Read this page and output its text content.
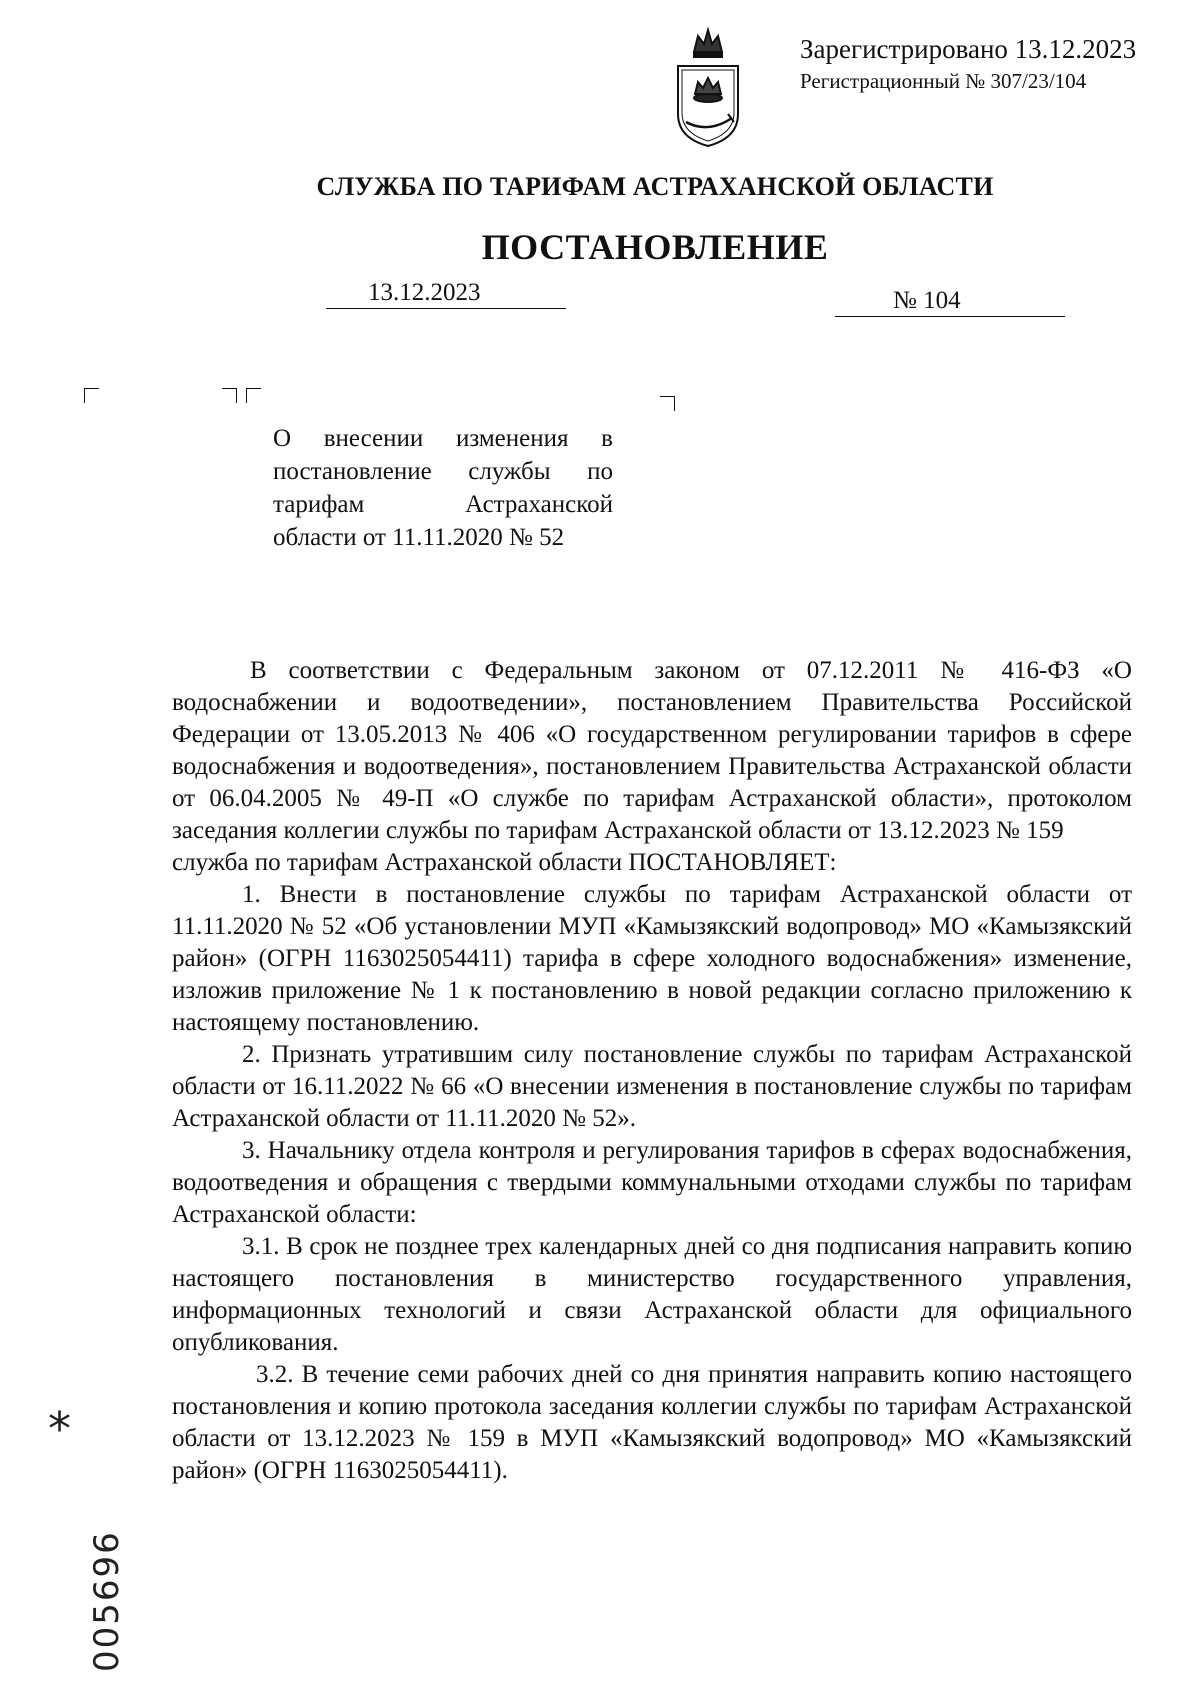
Зарегистрировано 13.12.2023
Регистрационный № 307/23/104
СЛУЖБА ПО ТАРИФАМ АСТРАХАНСКОЙ ОБЛАСТИ
ПОСТАНОВЛЕНИЕ
13.12.2023	№ 104
О внесении изменения в
постановление службы по
тарифам Астраханской
области от 11.11.2020 № 52

В соответствии с Федеральным законом от 07.12.2011 № 416-ФЗ «О водоснабжении и водоотведении», постановлением Правительства Российской Федерации от 13.05.2013 № 406 «О государственном регулировании тарифов в сфере водоснабжения и водоотведения», постановлением Правительства Астраханской области от 06.04.2005 № 49-П «О службе по тарифам Астраханской области», протоколом заседания коллегии службы по тарифам Астраханской области от 13.12.2023 № 159

служба по тарифам Астраханской области ПОСТАНОВЛЯЕТ:

1. Внести в постановление службы по тарифам Астраханской области от 11.11.2020 № 52 «Об установлении МУП «Камызякский водопровод» МО «Камызякский район» (ОГРН 1163025054411) тарифа в сфере холодного водоснабжения» изменение, изложив приложение № 1 к постановлению в новой редакции согласно приложению к настоящему постановлению.

2. Признать утратившим силу постановление службы по тарифам Астраханской области от 16.11.2022 № 66 «О внесении изменения в постановление службы по тарифам Астраханской области от 11.11.2020 № 52».

3. Начальнику отдела контроля и регулирования тарифов в сферах водоснабжения, водоотведения и обращения с твердыми коммунальными отходами службы по тарифам Астраханской области:

3.1. В срок не позднее трех календарных дней со дня подписания направить копию настоящего постановления в министерство государственного управления, информационных технологий и связи Астраханской области для официального опубликования.

3.2. В течение семи рабочих дней со дня принятия направить копию настоящего постановления и копию протокола заседания коллегии службы по тарифам Астраханской области от 13.12.2023 № 159 в МУП «Камызякский водопровод» МО «Камызякский район» (ОГРН 1163025054411).

*
005696
